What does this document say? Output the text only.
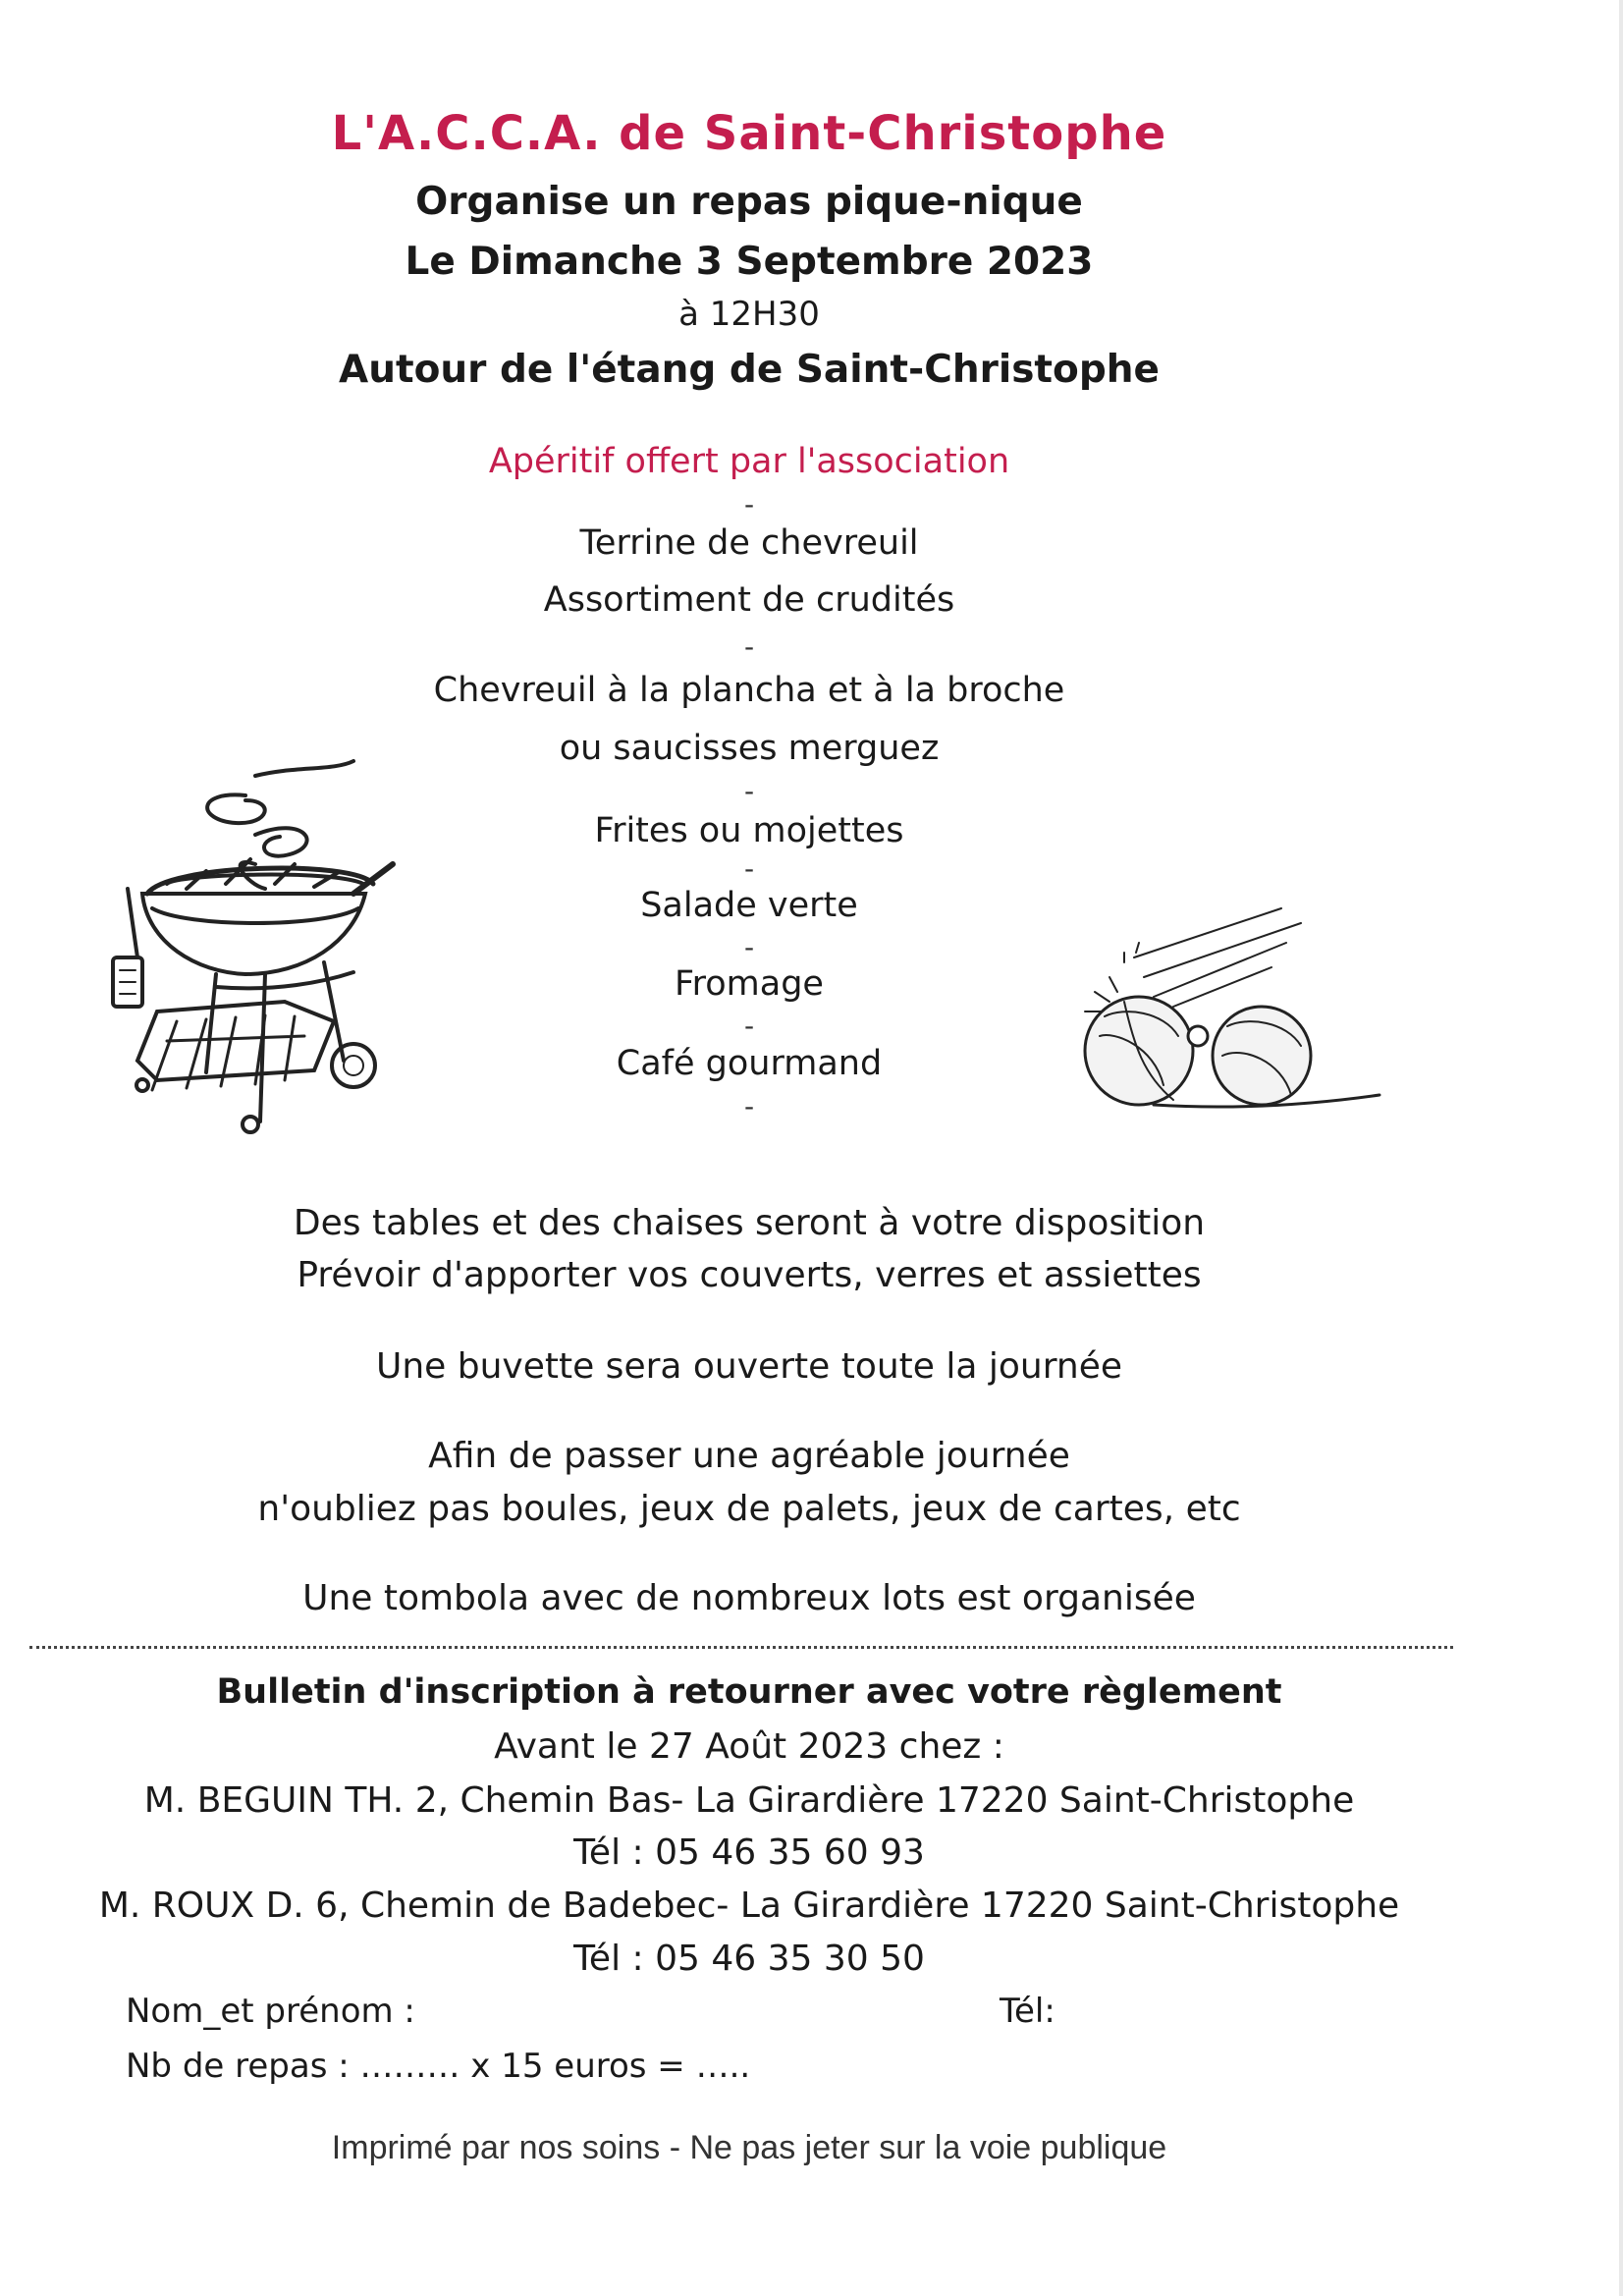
L'A.C.C.A. de Saint-Christophe
Organise un repas pique-nique
Le Dimanche 3 Septembre 2023
à 12H30
Autour de l'étang de Saint-Christophe
Apéritif offert par l'association
-
Terrine de chevreuil
Assortiment de crudités
-
Chevreuil à la plancha et à la broche
ou saucisses merguez
-
Frites ou mojettes
-
Salade verte
-
Fromage
-
Café gourmand
-
Des tables et des chaises seront à votre disposition
Prévoir d'apporter vos couverts, verres et assiettes
Une buvette sera ouverte toute la journée
Afin de passer une agréable journée
n'oubliez pas boules, jeux de palets, jeux de cartes, etc
Une tombola avec de nombreux lots est organisée
Bulletin d'inscription à retourner avec votre règlement
Avant le 27 Août 2023 chez :
M. BEGUIN TH. 2, Chemin Bas- La Girardière 17220 Saint-Christophe
Tél : 05 46 35 60 93
M. ROUX D. 6, Chemin de Badebec- La Girardière 17220 Saint-Christophe
Tél : 05 46 35 30 50
Nom_et prénom :	Tél:
Nb de repas : ……… x 15 euros = …..
Imprimé par nos soins - Ne pas jeter sur la voie publique
